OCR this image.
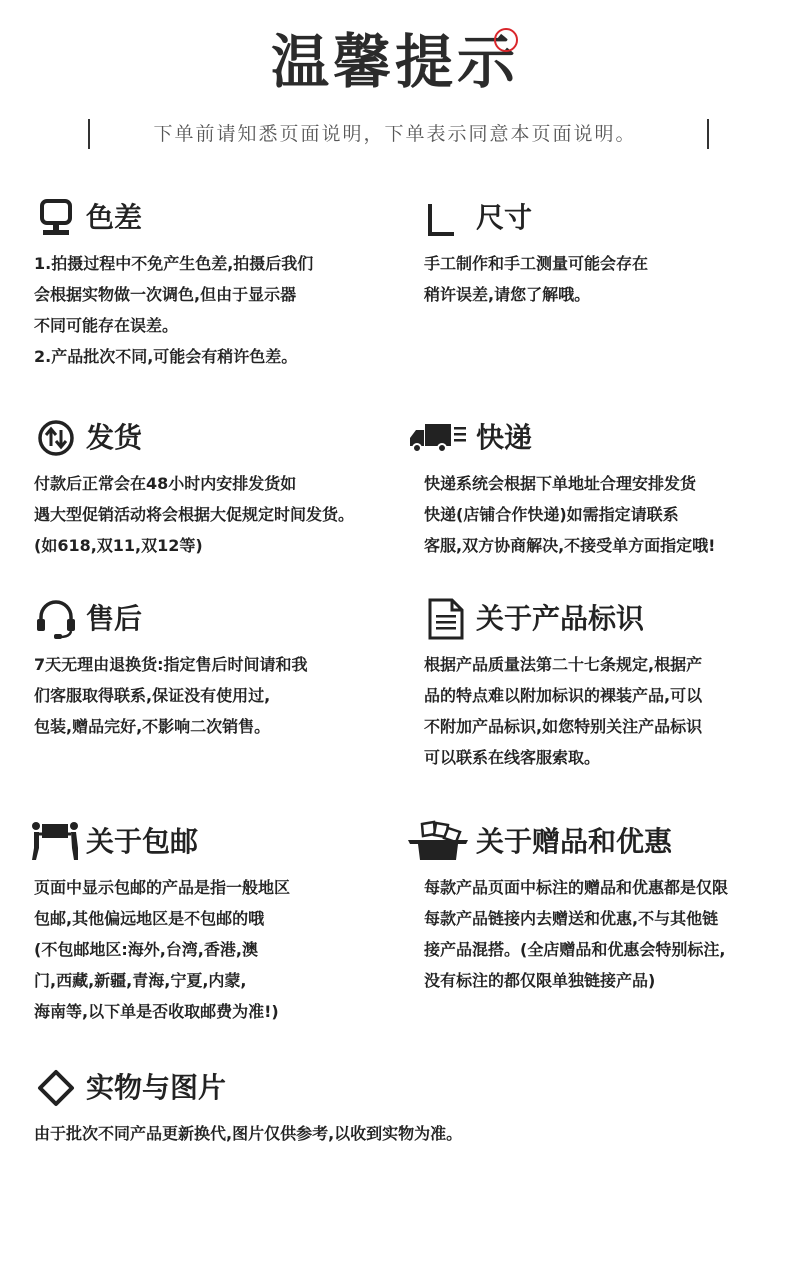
温馨提示
下单前请知悉页面说明，下单表示同意本页面说明。
色差
1.拍摄过程中不免产生色差,拍摄后我们
会根据实物做一次调色,但由于显示器
不同可能存在误差。
2.产品批次不同,可能会有稍许色差。
尺寸
手工制作和手工测量可能会存在
稍许误差,请您了解哦。
发货
付款后正常会在48小时内安排发货如
遇大型促销活动将会根据大促规定时间发货。
(如618,双11,双12等)
快递
快递系统会根据下单地址合理安排发货
快递(店铺合作快递)如需指定请联系
客服,双方协商解决,不接受单方面指定哦!
售后
7天无理由退换货:指定售后时间请和我
们客服取得联系,保证没有使用过,
包装,赠品完好,不影响二次销售。
关于产品标识
根据产品质量法第二十七条规定,根据产
品的特点难以附加标识的裸装产品,可以
不附加产品标识,如您特别关注产品标识
可以联系在线客服索取。
关于包邮
页面中显示包邮的产品是指一般地区
包邮,其他偏远地区是不包邮的哦
(不包邮地区:海外,台湾,香港,澳
门,西藏,新疆,青海,宁夏,内蒙,
海南等,以下单是否收取邮费为准!)
关于赠品和优惠
每款产品页面中标注的赠品和优惠都是仅限
每款产品链接内去赠送和优惠,不与其他链
接产品混搭。(全店赠品和优惠会特别标注,
没有标注的都仅限单独链接产品)
实物与图片
由于批次不同产品更新换代,图片仅供参考,以收到实物为准。
